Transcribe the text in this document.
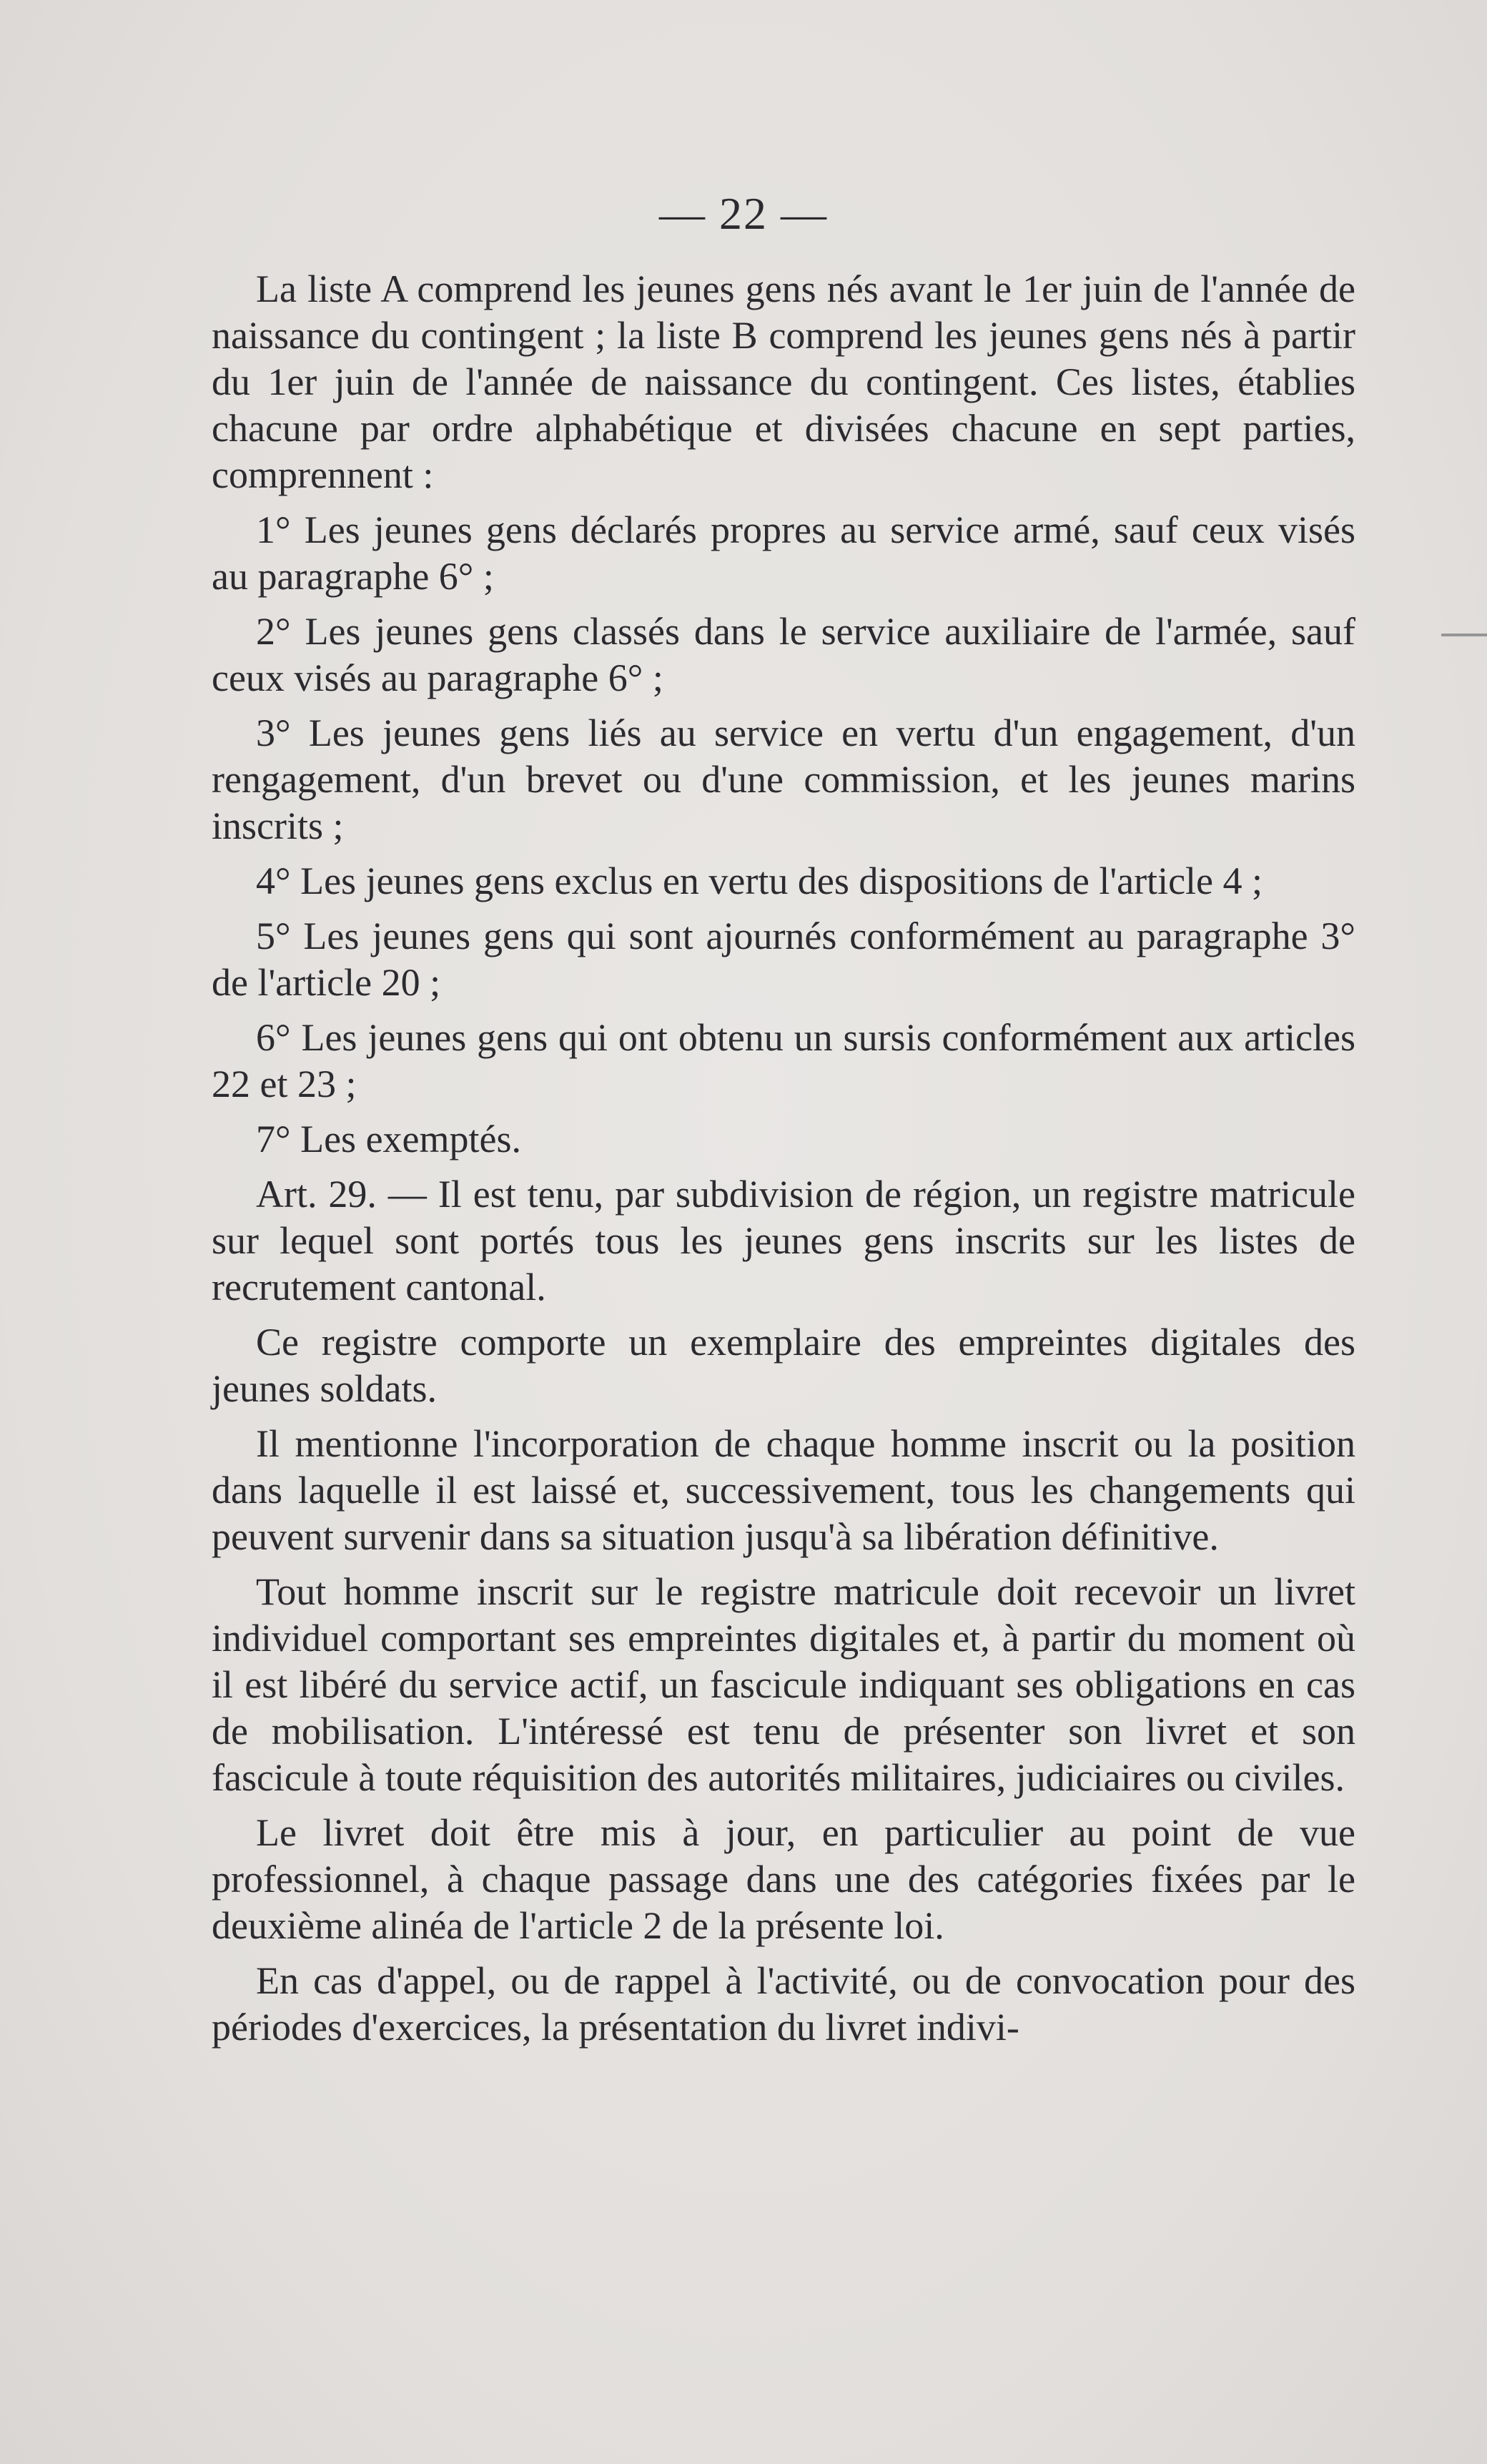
— 22 —

La liste A comprend les jeunes gens nés avant le 1er juin de l'année de naissance du contingent ; la liste B comprend les jeunes gens nés à partir du 1er juin de l'année de naissance du contingent. Ces listes, établies chacune par ordre alphabétique et divisées chacune en sept parties, comprennent :

1° Les jeunes gens déclarés propres au service armé, sauf ceux visés au paragraphe 6° ;

2° Les jeunes gens classés dans le service auxiliaire de l'armée, sauf ceux visés au paragraphe 6° ;

3° Les jeunes gens liés au service en vertu d'un engagement, d'un rengagement, d'un brevet ou d'une commission, et les jeunes marins inscrits ;

4° Les jeunes gens exclus en vertu des dispositions de l'article 4 ;

5° Les jeunes gens qui sont ajournés conformément au paragraphe 3° de l'article 20 ;

6° Les jeunes gens qui ont obtenu un sursis conformément aux articles 22 et 23 ;

7° Les exemptés.

Art. 29. — Il est tenu, par subdivision de région, un registre matricule sur lequel sont portés tous les jeunes gens inscrits sur les listes de recrutement cantonal.

Ce registre comporte un exemplaire des empreintes digitales des jeunes soldats.

Il mentionne l'incorporation de chaque homme inscrit ou la position dans laquelle il est laissé et, successivement, tous les changements qui peuvent survenir dans sa situation jusqu'à sa libération définitive.

Tout homme inscrit sur le registre matricule doit recevoir un livret individuel comportant ses empreintes digitales et, à partir du moment où il est libéré du service actif, un fascicule indiquant ses obligations en cas de mobilisation. L'intéressé est tenu de présenter son livret et son fascicule à toute réquisition des autorités militaires, judiciaires ou civiles.

Le livret doit être mis à jour, en particulier au point de vue professionnel, à chaque passage dans une des catégories fixées par le deuxième alinéa de l'article 2 de la présente loi.

En cas d'appel, ou de rappel à l'activité, ou de convocation pour des périodes d'exercices, la présentation du livret indivi-
